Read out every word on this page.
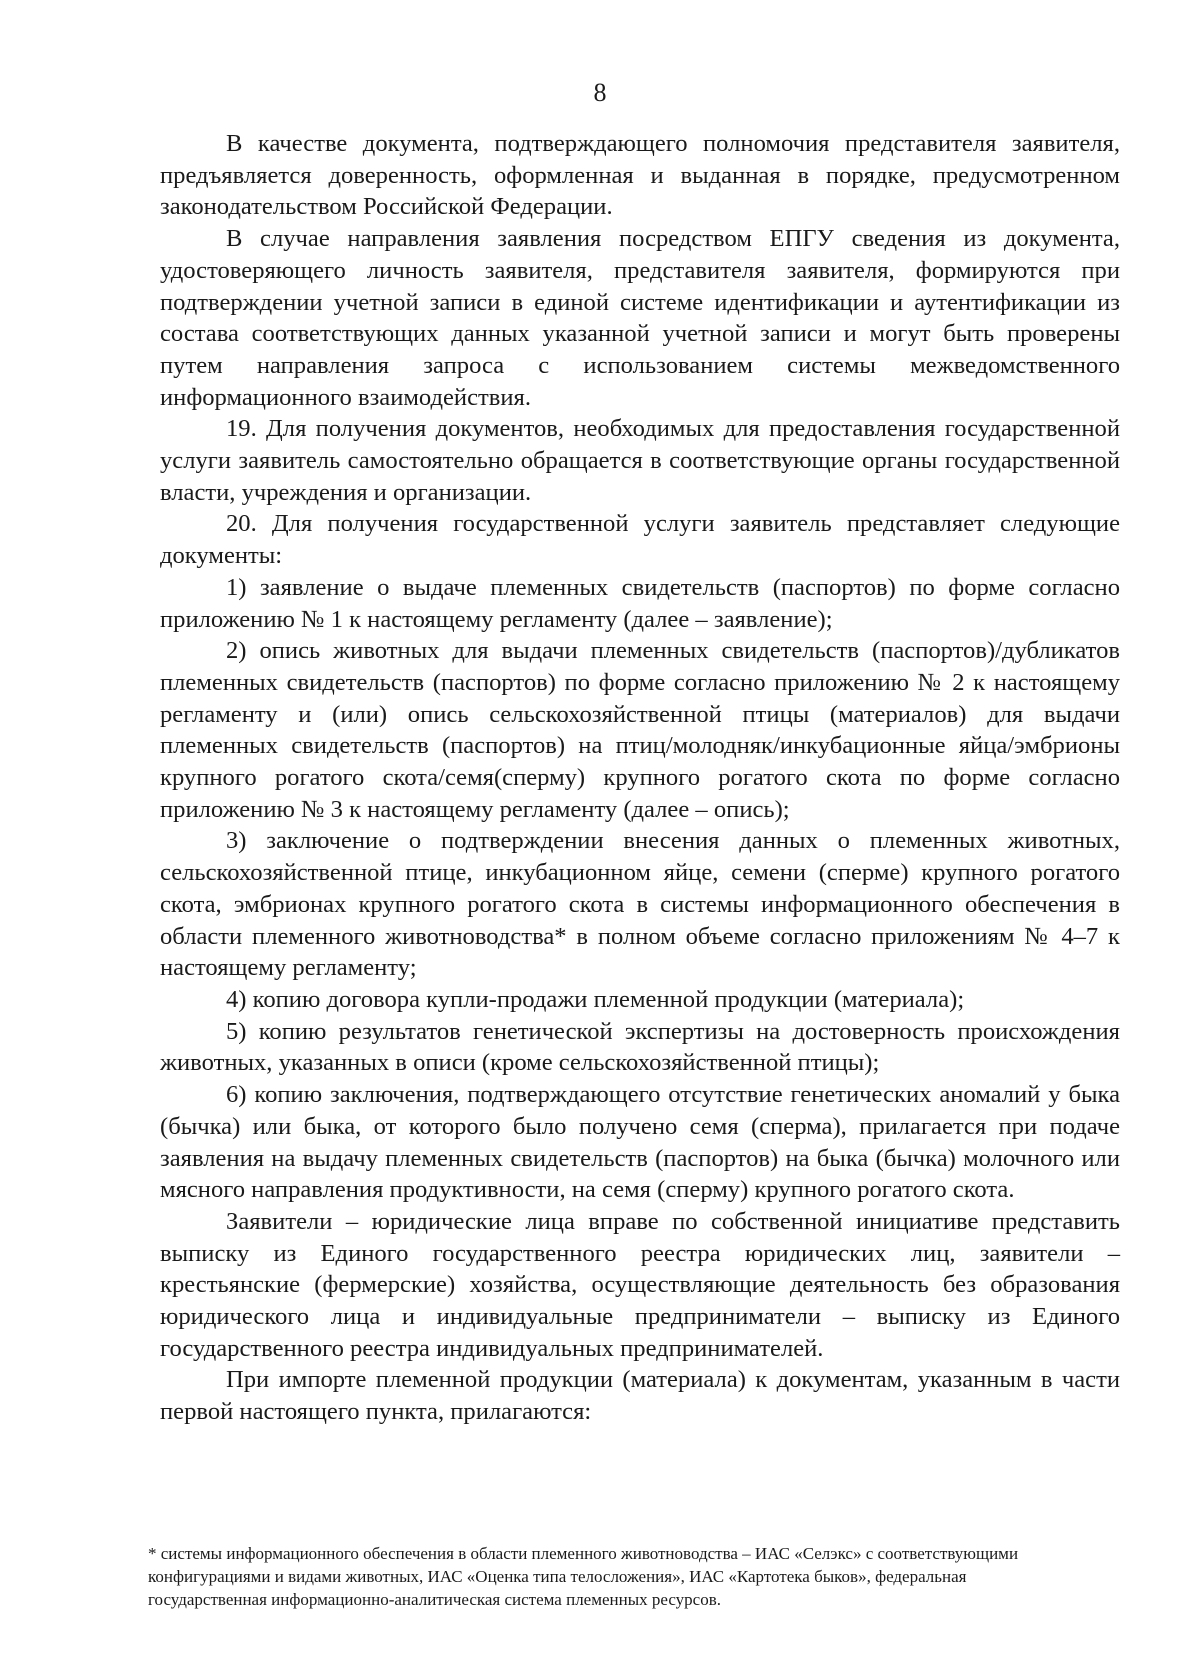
8

В качестве документа, подтверждающего полномочия представителя заявителя, предъявляется доверенность, оформленная и выданная в порядке, предусмотренном законодательством Российской Федерации.

В случае направления заявления посредством ЕПГУ сведения из документа, удостоверяющего личность заявителя, представителя заявителя, формируются при подтверждении учетной записи в единой системе идентификации и аутентификации из состава соответствующих данных указанной учетной записи и могут быть проверены путем направления запроса с использованием системы межведомственного информационного взаимодействия.

19. Для получения документов, необходимых для предоставления государственной услуги заявитель самостоятельно обращается в соответствующие органы государственной власти, учреждения и организации.

20. Для получения государственной услуги заявитель представляет следующие документы:

1) заявление о выдаче племенных свидетельств (паспортов) по форме согласно приложению № 1 к настоящему регламенту (далее – заявление);

2) опись животных для выдачи племенных свидетельств (паспортов)/дубликатов племенных свидетельств (паспортов) по форме согласно приложению № 2 к настоящему регламенту и (или) опись сельскохозяйственной птицы (материалов) для выдачи племенных свидетельств (паспортов) на птиц/молодняк/инкубационные яйца/эмбрионы крупного рогатого скота/семя(сперму) крупного рогатого скота по форме согласно приложению № 3 к настоящему регламенту (далее – опись);

3) заключение о подтверждении внесения данных о племенных животных, сельскохозяйственной птице, инкубационном яйце, семени (сперме) крупного рогатого скота, эмбрионах крупного рогатого скота в системы информационного обеспечения в области племенного животноводства* в полном объеме согласно приложениям № 4–7 к настоящему регламенту;

4) копию договора купли-продажи племенной продукции (материала);

5) копию результатов генетической экспертизы на достоверность происхождения животных, указанных в описи (кроме сельскохозяйственной птицы);

6) копию заключения, подтверждающего отсутствие генетических аномалий у быка (бычка) или быка, от которого было получено семя (сперма), прилагается при подаче заявления на выдачу племенных свидетельств (паспортов) на быка (бычка) молочного или мясного направления продуктивности, на семя (сперму) крупного рогатого скота.

Заявители – юридические лица вправе по собственной инициативе представить выписку из Единого государственного реестра юридических лиц, заявители – крестьянские (фермерские) хозяйства, осуществляющие деятельность без образования юридического лица и индивидуальные предприниматели – выписку из Единого государственного реестра индивидуальных предпринимателей.

При импорте племенной продукции (материала) к документам, указанным в части первой настоящего пункта, прилагаются:

* системы информационного обеспечения в области племенного животноводства – ИАС «Селэкс» с соответствующими конфигурациями и видами животных, ИАС «Оценка типа телосложения», ИАС «Картотека быков», федеральная государственная информационно-аналитическая система племенных ресурсов.
